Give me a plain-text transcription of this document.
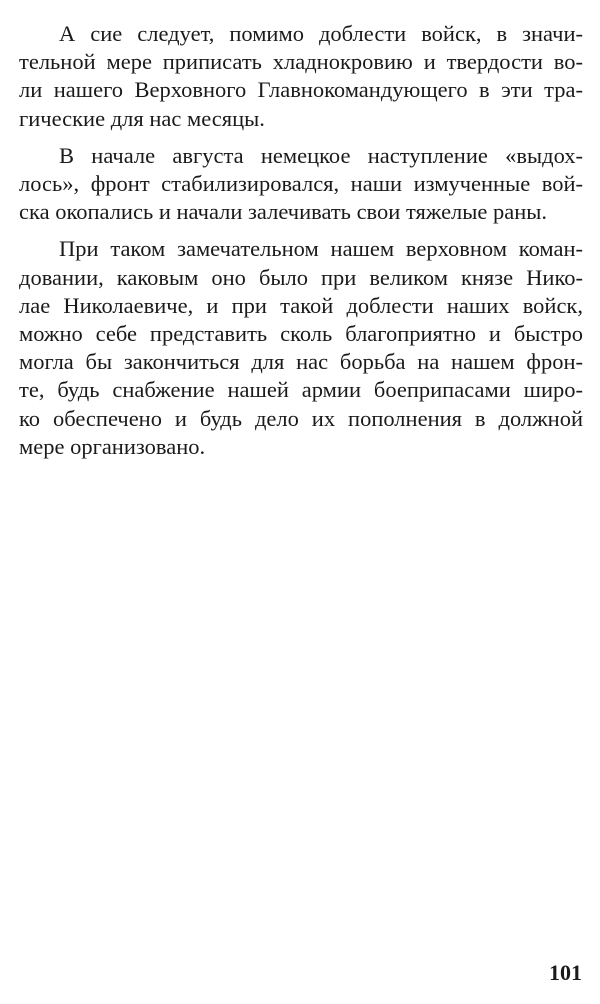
А сие следует, помимо доблести войск, в значи-
тельной мере приписать хладнокровию и твердости во-
ли нашего Верховного Главнокомандующего в эти тра-
гические для нас месяцы.
В начале августа немецкое наступление «выдох-
лось», фронт стабилизировался, наши измученные вой-
ска окопались и начали залечивать свои тяжелые раны.
При таком замечательном нашем верховном коман-
довании, каковым оно было при великом князе Нико-
лае Николаевиче, и при такой доблести наших войск,
можно себе представить сколь благоприятно и быстро
могла бы закончиться для нас борьба на нашем фрон-
те, будь снабжение нашей армии боеприпасами широ-
ко обеспечено и будь дело их пополнения в должной
мере организовано.
101
